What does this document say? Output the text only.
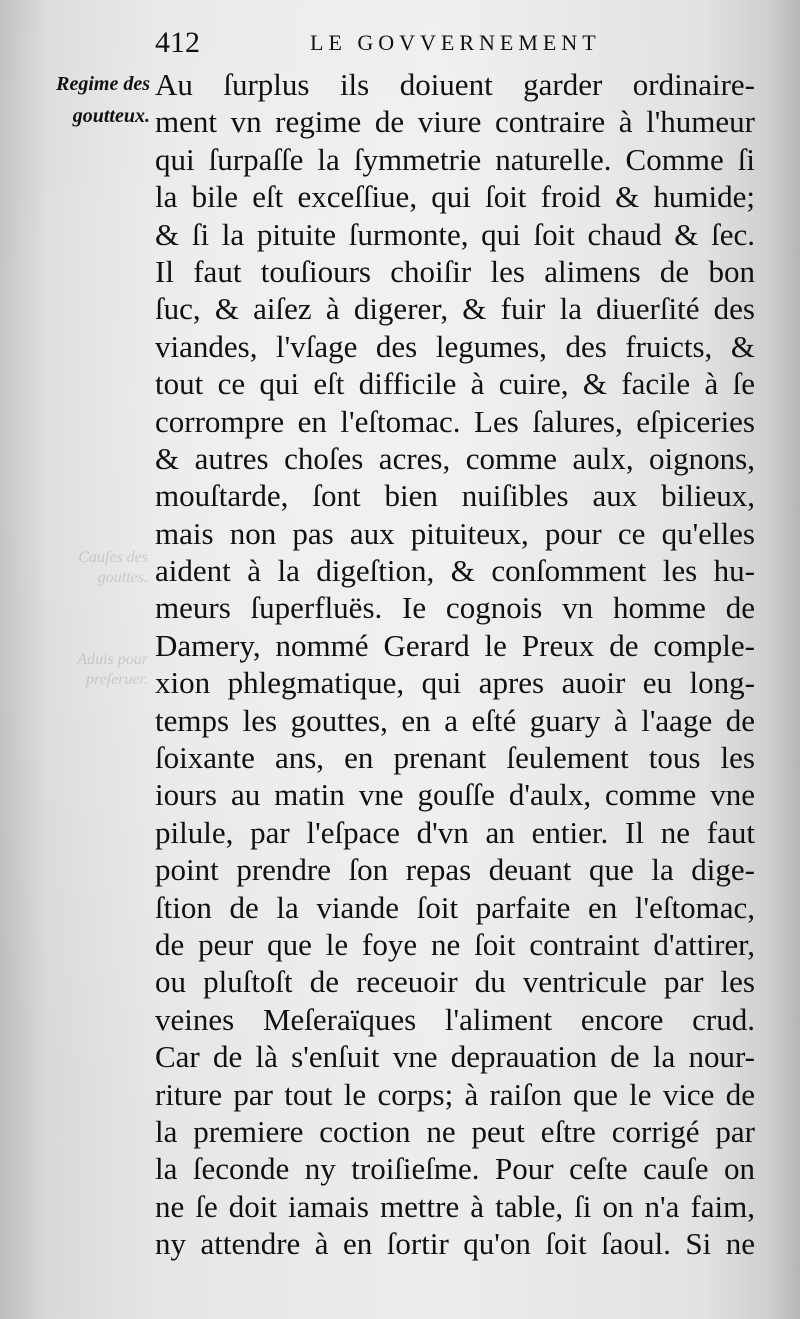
Cauſes des
gouttes.
Aduis pour
preſeruer.
412	LE GOVVERNEMENT
Regime des
goutteux.
Au ſurplus ils doiuent garder ordinaire-
ment vn regime de viure contraire à l'humeur
qui ſurpaſſe la ſymmetrie naturelle. Comme ſi
la bile eſt exceſſiue, qui ſoit froid & humide;
& ſi la pituite ſurmonte, qui ſoit chaud & ſec.
Il faut touſiours choiſir les alimens de bon
ſuc, & aiſez à digerer, & fuir la diuerſité des
viandes, l'vſage des legumes, des fruicts, &
tout ce qui eſt difficile à cuire, & facile à ſe
corrompre en l'eſtomac. Les ſalures, eſpiceries
& autres choſes acres, comme aulx, oignons,
mouſtarde, ſont bien nuiſibles aux bilieux,
mais non pas aux pituiteux, pour ce qu'elles
aident à la digeſtion, & conſomment les hu-
meurs ſuperfluës. Ie cognois vn homme de
Damery, nommé Gerard le Preux de comple-
xion phlegmatique, qui apres auoir eu long-
temps les gouttes, en a eſté guary à l'aage de
ſoixante ans, en prenant ſeulement tous les
iours au matin vne gouſſe d'aulx, comme vne
pilule, par l'eſpace d'vn an entier. Il ne faut
point prendre ſon repas deuant que la dige-
ſtion de la viande ſoit parfaite en l'eſtomac,
de peur que le foye ne ſoit contraint d'attirer,
ou pluſtoſt de receuoir du ventricule par les
veines Meſeraïques l'aliment encore crud.
Car de là s'enſuit vne deprauation de la nour-
riture par tout le corps; à raiſon que le vice de
la premiere coction ne peut eſtre corrigé par
la ſeconde ny troiſieſme. Pour ceſte cauſe on
ne ſe doit iamais mettre à table, ſi on n'a faim,
ny attendre à en ſortir qu'on ſoit ſaoul. Si ne
